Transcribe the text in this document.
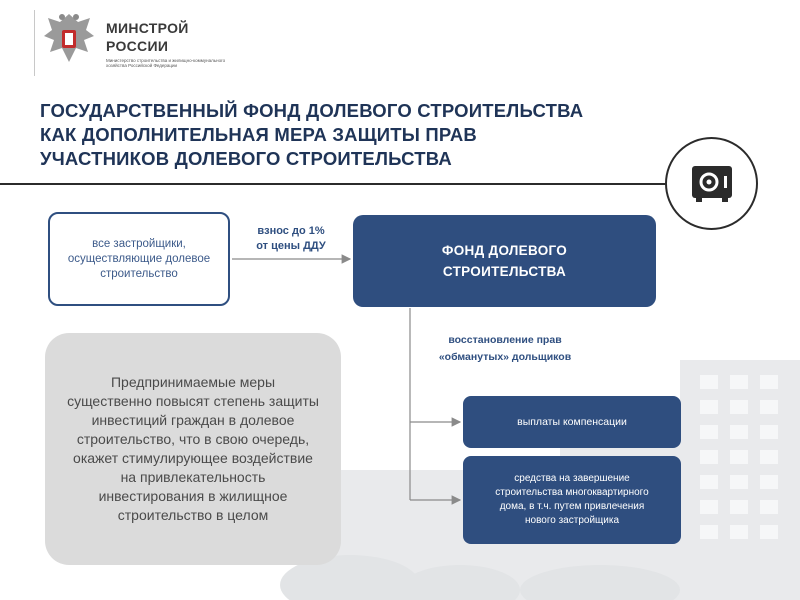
МИНСТРОЙ
РОССИИ
Министерство строительства и жилищно-коммунального хозяйства Российской Федерации
ГОСУДАРСТВЕННЫЙ ФОНД ДОЛЕВОГО СТРОИТЕЛЬСТВА
КАК ДОПОЛНИТЕЛЬНАЯ МЕРА ЗАЩИТЫ ПРАВ
УЧАСТНИКОВ ДОЛЕВОГО СТРОИТЕЛЬСТВА
все застройщики, осуществляющие долевое строительство
взнос до 1%
от цены ДДУ	ФОНД ДОЛЕВОГО
СТРОИТЕЛЬСТВА
восстановление прав
«обманутых» дольщиков
Предпринимаемые меры существенно повысят степень защиты инвестиций граждан в долевое строительство, что в свою очередь, окажет стимулирующее воздействие на привлекательность инвестирования в жилищное строительство в целом
выплаты компенсации
средства на завершение строительства многоквартирного дома, в т.ч. путем привлечения нового застройщика
